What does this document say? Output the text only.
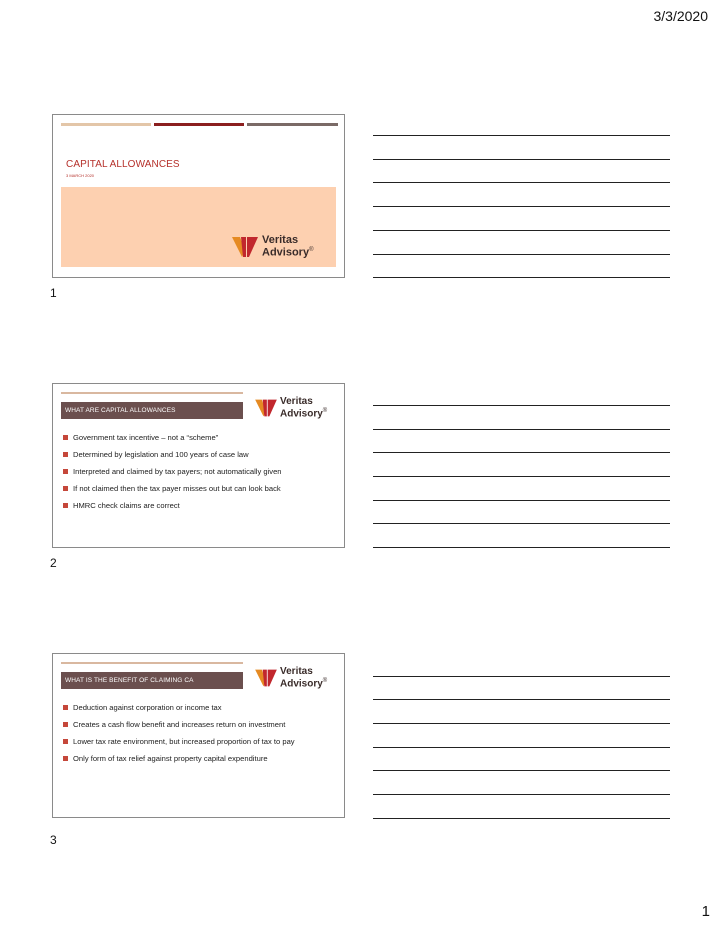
3/3/2020
CAPITAL ALLOWANCES
3 MARCH 2020
Veritas
Advisory®
1
WHAT ARE CAPITAL ALLOWANCES
Veritas
Advisory®
Government tax incentive – not a “scheme”
Determined by legislation and 100 years of case law
Interpreted and claimed by tax payers; not automatically given
If not claimed then the tax payer misses out but can look back
HMRC check claims are correct
2
WHAT IS THE BENEFIT OF CLAIMING CA
Veritas
Advisory®
Deduction against corporation or income tax
Creates a cash flow benefit and increases return on investment
Lower tax rate environment, but increased proportion of tax to pay
Only form of tax relief against property capital expenditure
3
1
